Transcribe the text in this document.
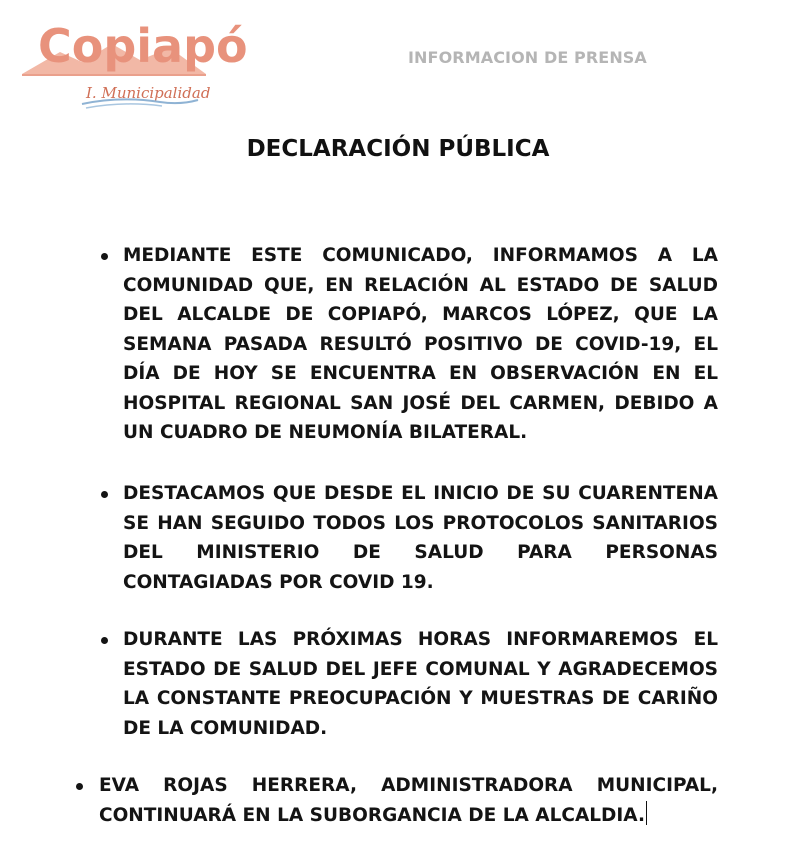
Copiapó
I. Municipalidad
INFORMACION DE PRENSA
DECLARACIÓN PÚBLICA
MEDIANTE ESTE COMUNICADO, INFORMAMOS A LA COMUNIDAD QUE, EN RELACIÓN AL ESTADO DE SALUD DEL ALCALDE DE COPIAPÓ, MARCOS LÓPEZ, QUE LA SEMANA PASADA RESULTÓ POSITIVO DE COVID-19, EL DÍA DE HOY SE ENCUENTRA EN OBSERVACIÓN EN EL HOSPITAL REGIONAL SAN JOSÉ DEL CARMEN, DEBIDO A UN CUADRO DE NEUMONÍA BILATERAL.
DESTACAMOS QUE DESDE EL INICIO DE SU CUARENTENA SE HAN SEGUIDO TODOS LOS PROTOCOLOS SANITARIOS DEL MINISTERIO DE SALUD PARA PERSONAS CONTAGIADAS POR COVID 19.
DURANTE LAS PRÓXIMAS HORAS INFORMAREMOS EL ESTADO DE SALUD DEL JEFE COMUNAL Y AGRADECEMOS LA CONSTANTE PREOCUPACIÓN Y MUESTRAS DE CARIÑO DE LA COMUNIDAD.
EVA ROJAS HERRERA, ADMINISTRADORA MUNICIPAL, CONTINUARÁ EN LA SUBORGANCIA DE LA ALCALDIA.
